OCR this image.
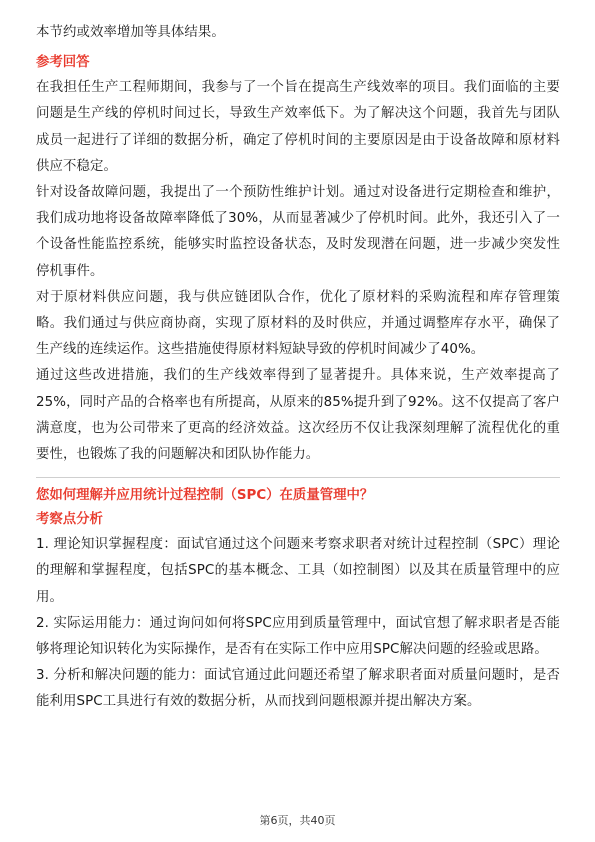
本节约或效率增加等具体结果。

参考回答

在我担任生产工程师期间，我参与了一个旨在提高生产线效率的项目。我们面临的主要问题是生产线的停机时间过长，导致生产效率低下。为了解决这个问题，我首先与团队成员一起进行了详细的数据分析，确定了停机时间的主要原因是由于设备故障和原材料供应不稳定。

针对设备故障问题，我提出了一个预防性维护计划。通过对设备进行定期检查和维护，我们成功地将设备故障率降低了30%，从而显著减少了停机时间。此外，我还引入了一个设备性能监控系统，能够实时监控设备状态，及时发现潜在问题，进一步减少突发性停机事件。

对于原材料供应问题，我与供应链团队合作，优化了原材料的采购流程和库存管理策略。我们通过与供应商协商，实现了原材料的及时供应，并通过调整库存水平，确保了生产线的连续运作。这些措施使得原材料短缺导致的停机时间减少了40%。

通过这些改进措施，我们的生产线效率得到了显著提升。具体来说，生产效率提高了25%，同时产品的合格率也有所提高，从原来的85%提升到了92%。这不仅提高了客户满意度，也为公司带来了更高的经济效益。这次经历不仅让我深刻理解了流程优化的重要性，也锻炼了我的问题解决和团队协作能力。

您如何理解并应用统计过程控制（SPC）在质量管理中？

考察点分析

1. 理论知识掌握程度：面试官通过这个问题来考察求职者对统计过程控制（SPC）理论的理解和掌握程度，包括SPC的基本概念、工具（如控制图）以及其在质量管理中的应用。

2. 实际运用能力：通过询问如何将SPC应用到质量管理中，面试官想了解求职者是否能够将理论知识转化为实际操作，是否有在实际工作中应用SPC解决问题的经验或思路。

3. 分析和解决问题的能力：面试官通过此问题还希望了解求职者面对质量问题时，是否能利用SPC工具进行有效的数据分析，从而找到问题根源并提出解决方案。

第6页，共40页
